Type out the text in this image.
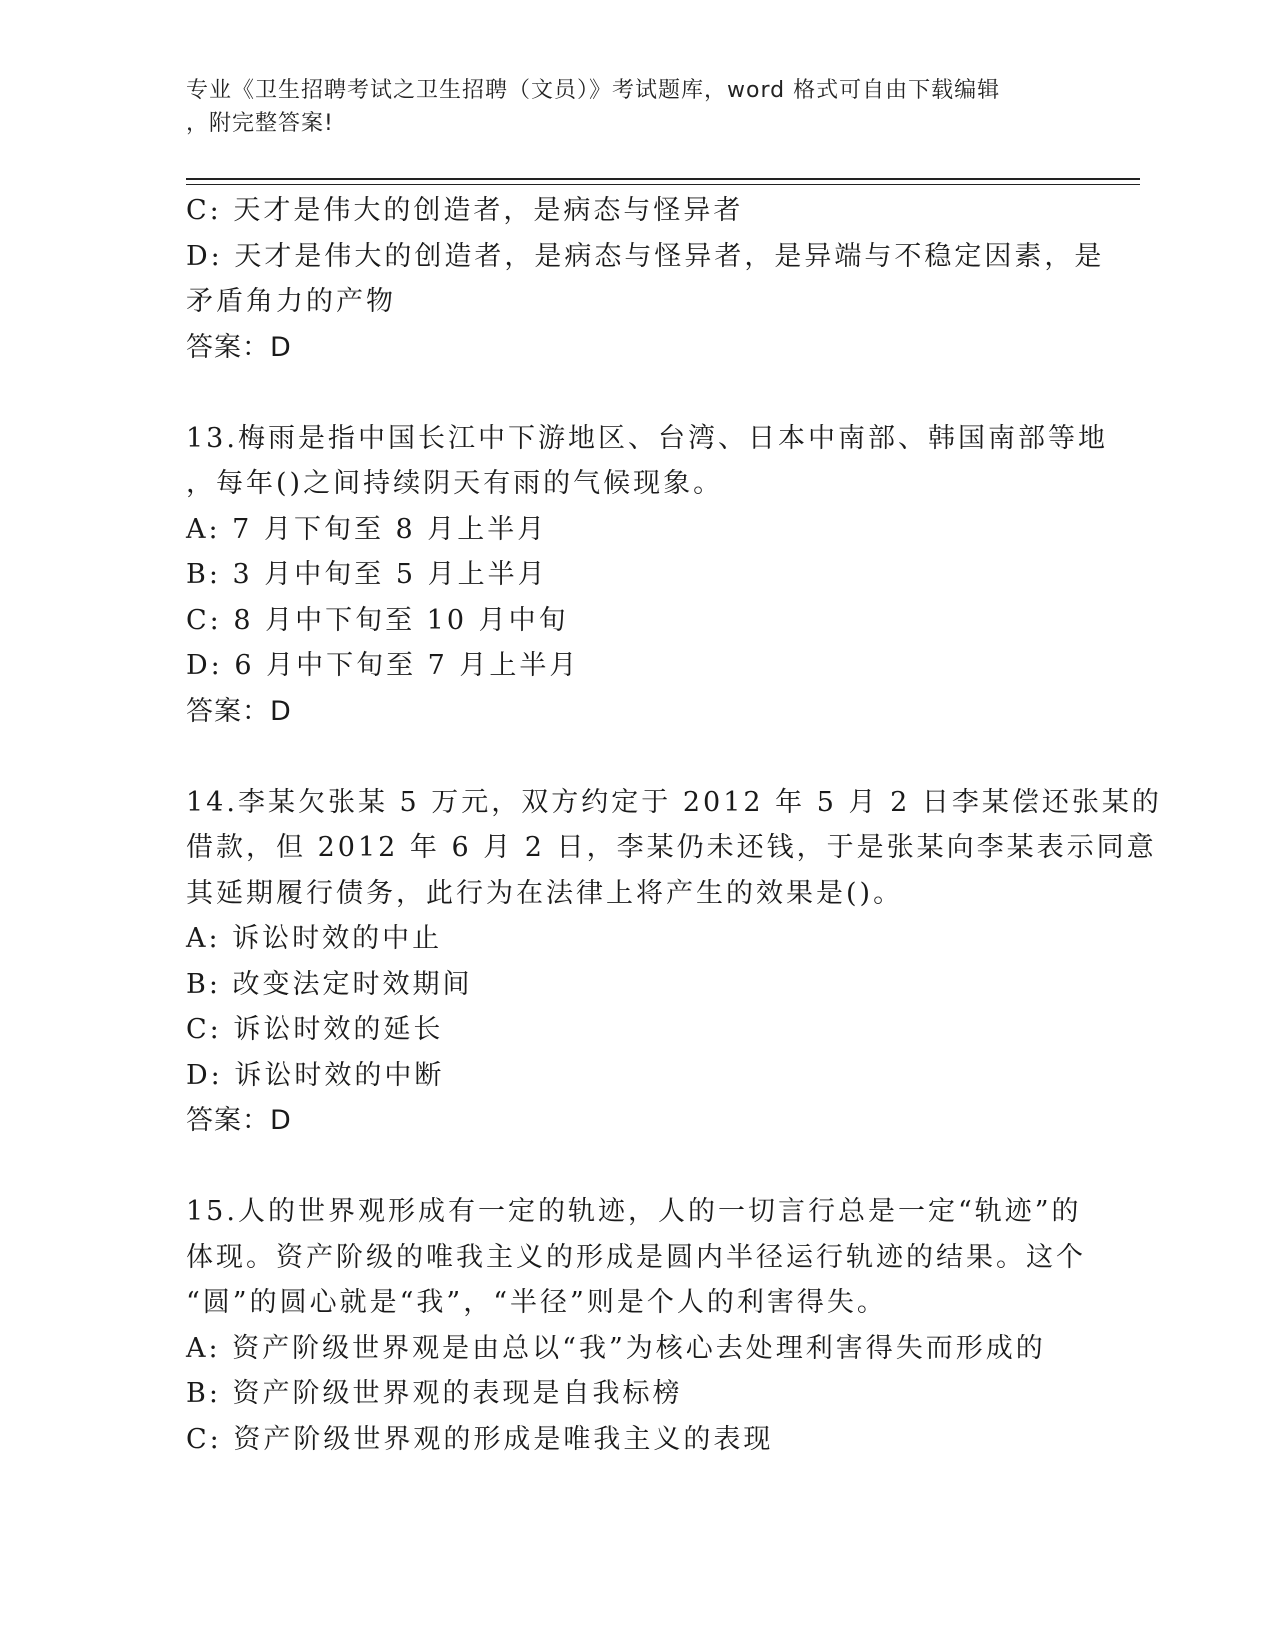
专业《卫生招聘考试之卫生招聘（文员）》考试题库，word 格式可自由下载编辑

，附完整答案!

C: 天才是伟大的创造者，是病态与怪异者

D: 天才是伟大的创造者，是病态与怪异者，是异端与不稳定因素，是

矛盾角力的产物

答案：D

13.梅雨是指中国长江中下游地区、台湾、日本中南部、韩国南部等地

，每年()之间持续阴天有雨的气候现象。

A: 7 月下旬至 8 月上半月

B: 3 月中旬至 5 月上半月

C: 8 月中下旬至 10 月中旬

D: 6 月中下旬至 7 月上半月

答案：D

14.李某欠张某 5 万元，双方约定于 2012 年 5 月 2 日李某偿还张某的

借款，但 2012 年 6 月 2 日，李某仍未还钱，于是张某向李某表示同意

其延期履行债务，此行为在法律上将产生的效果是()。

A: 诉讼时效的中止

B: 改变法定时效期间

C: 诉讼时效的延长

D: 诉讼时效的中断

答案：D

15.人的世界观形成有一定的轨迹，人的一切言行总是一定“轨迹”的

体现。资产阶级的唯我主义的形成是圆内半径运行轨迹的结果。这个

“圆”的圆心就是“我”，“半径”则是个人的利害得失。

A: 资产阶级世界观是由总以“我”为核心去处理利害得失而形成的

B: 资产阶级世界观的表现是自我标榜

C: 资产阶级世界观的形成是唯我主义的表现
